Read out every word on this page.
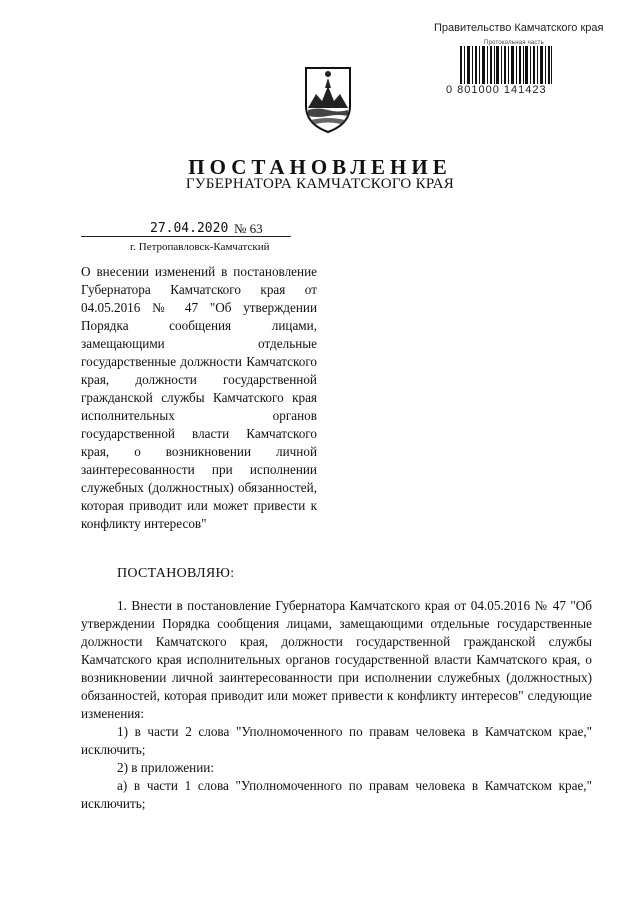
Правительство Камчатского края
Протокольная часть
0 801000 141423
ПОСТАНОВЛЕНИЕ
ГУБЕРНАТОРА КАМЧАТСКОГО КРАЯ
27.04.2020 № 63
г. Петропавловск-Камчатский
О внесении изменений в постановление Губернатора Камчатского края от 04.05.2016 № 47 "Об утверждении Порядка сообщения лицами, замещающими отдельные государственные должности Камчатского края, должности государственной гражданской службы Камчатского края исполнительных органов государственной власти Камчатского края, о возникновении личной заинтересованности при исполнении служебных (должностных) обязанностей, которая приводит или может привести к конфликту интересов"
ПОСТАНОВЛЯЮ:

1. Внести в постановление Губернатора Камчатского края от 04.05.2016 № 47 "Об утверждении Порядка сообщения лицами, замещающими отдельные государственные должности Камчатского края, должности государственной гражданской службы Камчатского края исполнительных органов государственной власти Камчатского края, о возникновении личной заинтересованности при исполнении служебных (должностных) обязанностей, которая приводит или может привести к конфликту интересов" следующие изменения:

1) в части 2 слова "Уполномоченного по правам человека в Камчатском крае," исключить;

2) в приложении:

а) в части 1 слова "Уполномоченного по правам человека в Камчатском крае," исключить;
